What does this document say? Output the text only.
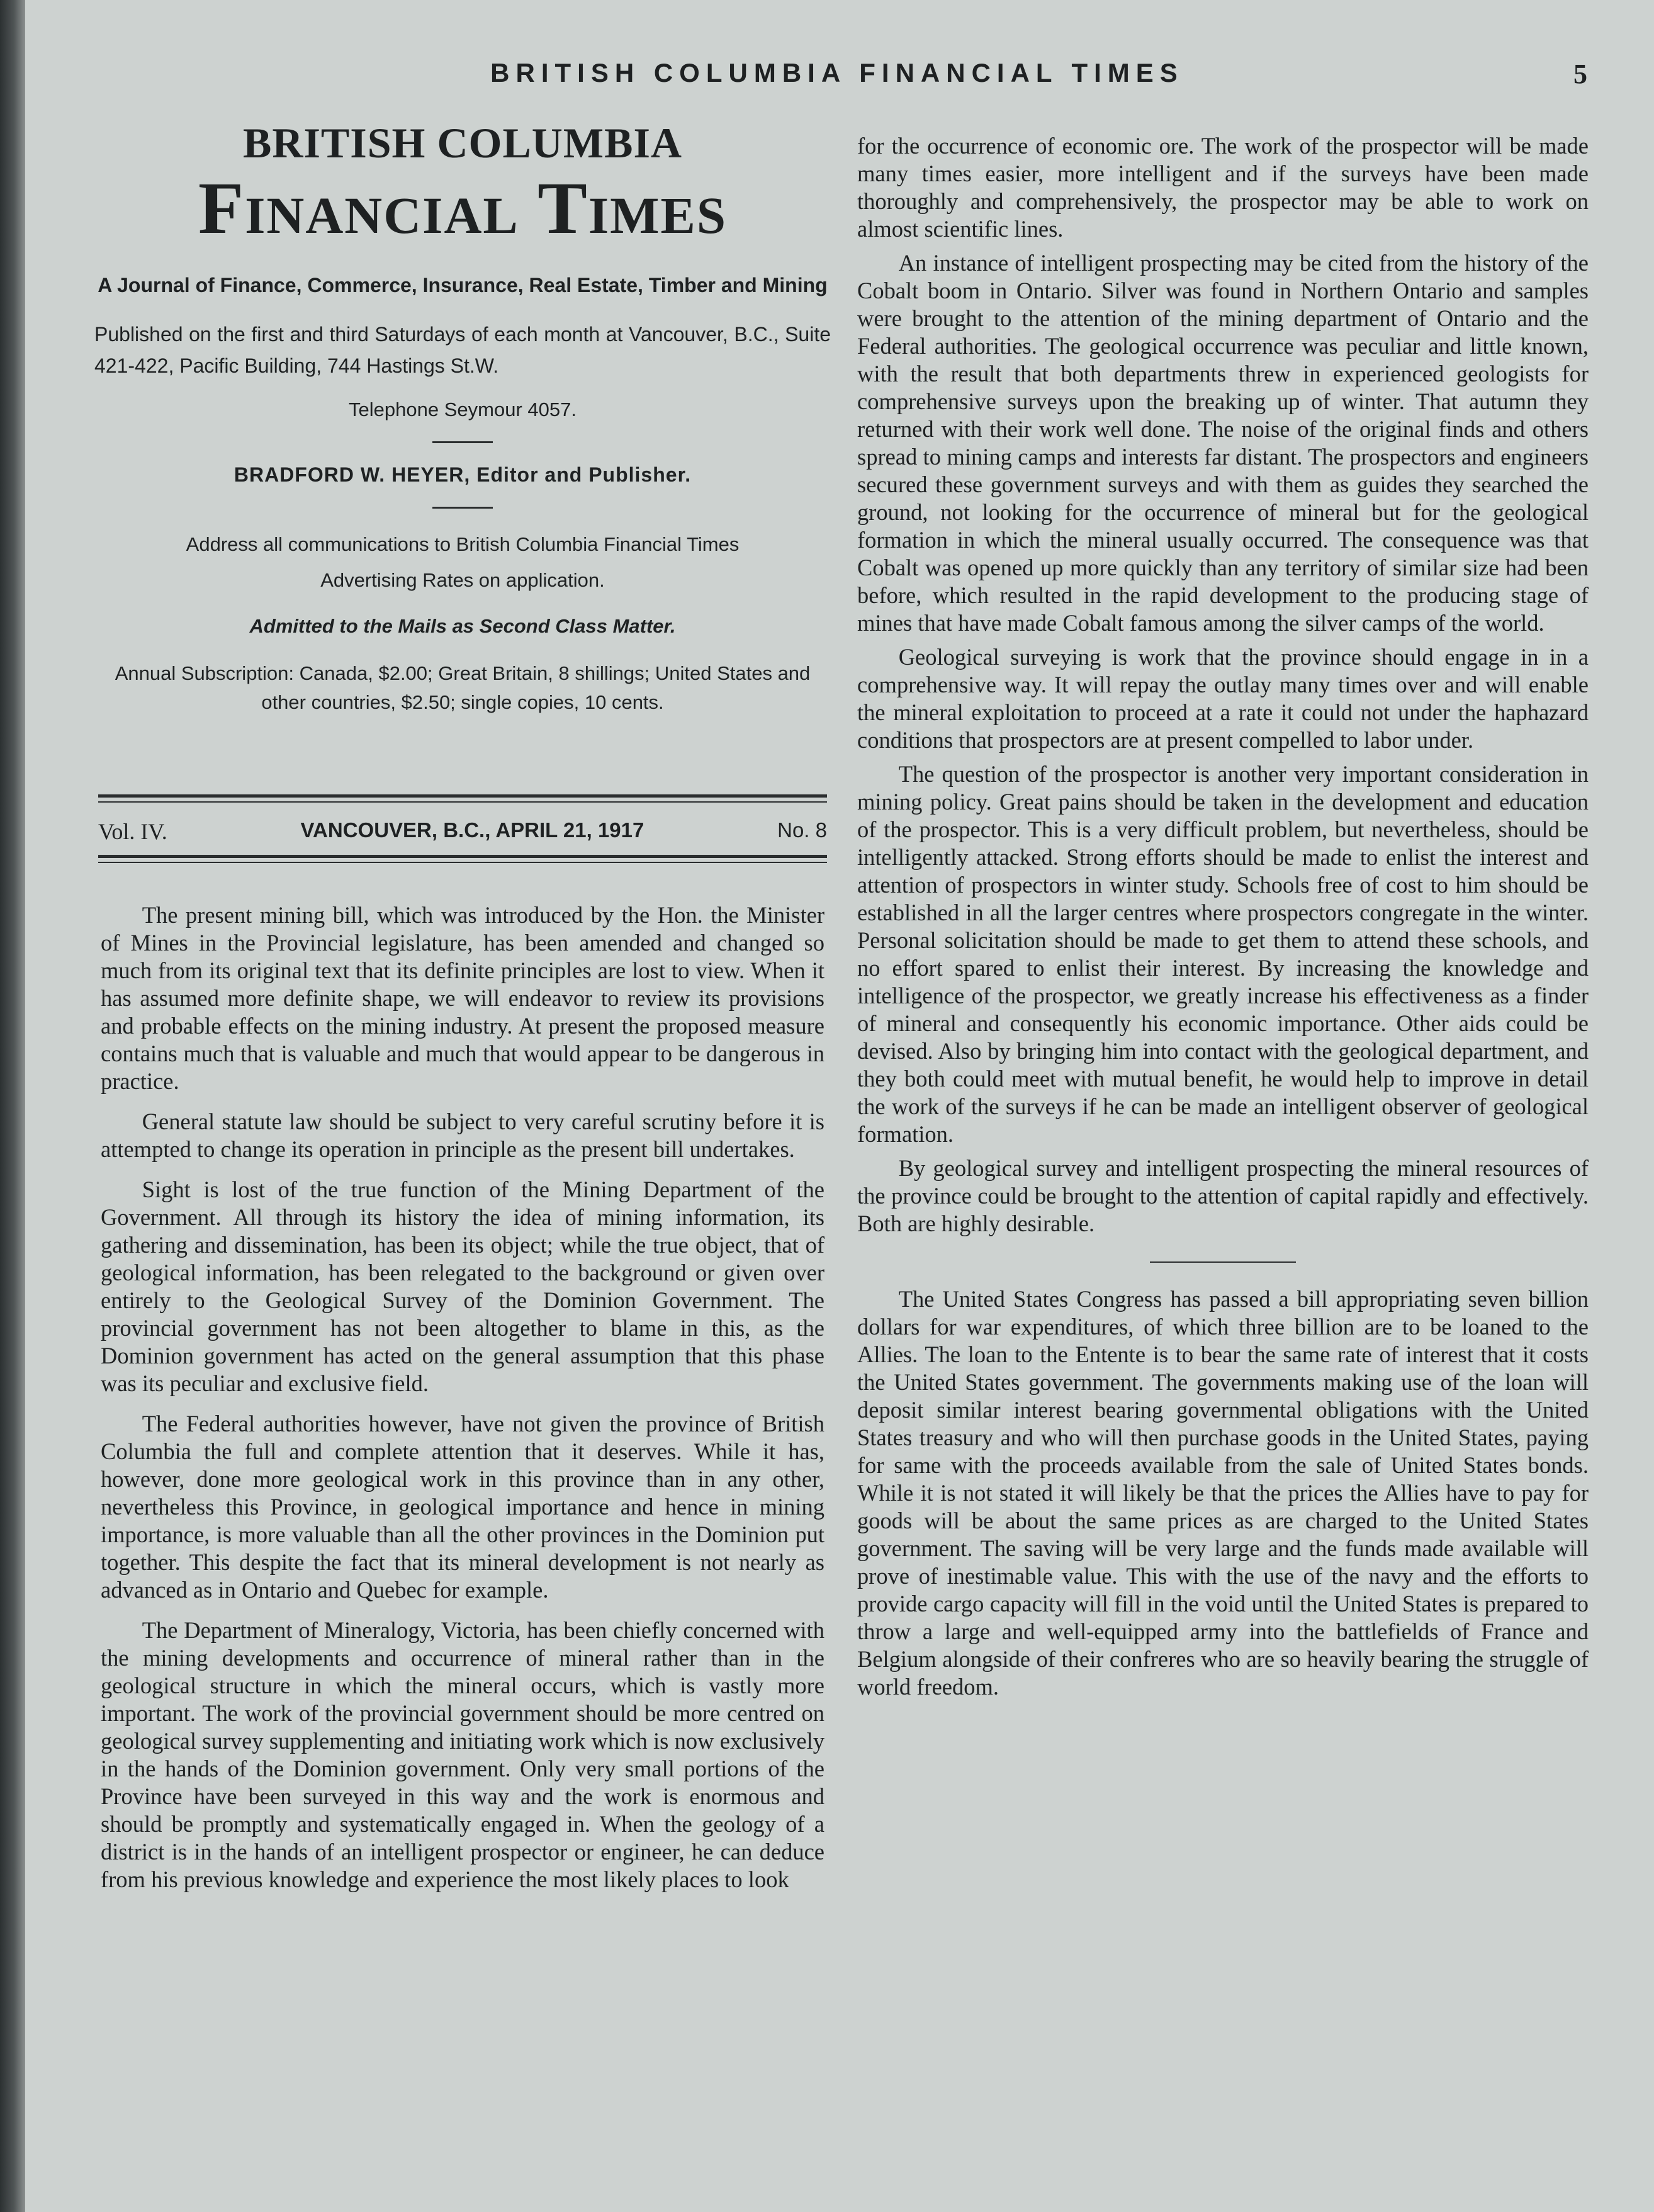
BRITISH COLUMBIA FINANCIAL TIMES	5
BRITISH COLUMBIA
Financial Times
A Journal of Finance, Commerce, Insurance, Real Estate, Timber and Mining
Published on the first and third Saturdays of each month at Vancouver, B.C., Suite 421-422, Pacific Building, 744 Hastings St.W.
Telephone Seymour 4057.
BRADFORD W. HEYER, Editor and Publisher.
Address all communications to British Columbia Financial Times
Advertising Rates on application.
Admitted to the Mails as Second Class Matter.
Annual Subscription: Canada, $2.00; Great Britain, 8 shillings; United States and other countries, $2.50; single copies, 10 cents.
Vol. IV.	VANCOUVER, B.C., APRIL 21, 1917	No. 8

The present mining bill, which was introduced by the Hon. the Minister of Mines in the Provincial legislature, has been amended and changed so much from its original text that its definite principles are lost to view. When it has assumed more definite shape, we will endeavor to review its provisions and probable effects on the mining industry. At present the proposed measure contains much that is valuable and much that would appear to be dangerous in practice.

General statute law should be subject to very careful scrutiny before it is attempted to change its operation in principle as the present bill undertakes.

Sight is lost of the true function of the Mining Department of the Government. All through its history the idea of mining information, its gathering and dissemination, has been its object; while the true object, that of geological information, has been relegated to the background or given over entirely to the Geological Survey of the Dominion Government. The provincial government has not been altogether to blame in this, as the Dominion government has acted on the general assumption that this phase was its peculiar and exclusive field.

The Federal authorities however, have not given the province of British Columbia the full and complete attention that it deserves. While it has, however, done more geological work in this province than in any other, nevertheless this Province, in geological importance and hence in mining importance, is more valuable than all the other provinces in the Dominion put together. This despite the fact that its mineral development is not nearly as advanced as in Ontario and Quebec for example.

The Department of Mineralogy, Victoria, has been chiefly concerned with the mining developments and occurrence of mineral rather than in the geological structure in which the mineral occurs, which is vastly more important. The work of the provincial government should be more centred on geological survey supplementing and initiating work which is now exclusively in the hands of the Dominion government. Only very small portions of the Province have been surveyed in this way and the work is enormous and should be promptly and systematically engaged in. When the geology of a district is in the hands of an intelligent prospector or engineer, he can deduce from his previous knowledge and experience the most likely places to look

for the occurrence of economic ore. The work of the prospector will be made many times easier, more intelligent and if the surveys have been made thoroughly and comprehensively, the prospector may be able to work on almost scientific lines.

An instance of intelligent prospecting may be cited from the history of the Cobalt boom in Ontario. Silver was found in Northern Ontario and samples were brought to the attention of the mining department of Ontario and the Federal authorities. The geological occurrence was peculiar and little known, with the result that both departments threw in experienced geologists for comprehensive surveys upon the breaking up of winter. That autumn they returned with their work well done. The noise of the original finds and others spread to mining camps and interests far distant. The prospectors and engineers secured these government surveys and with them as guides they searched the ground, not looking for the occurrence of mineral but for the geological formation in which the mineral usually occurred. The consequence was that Cobalt was opened up more quickly than any territory of similar size had been before, which resulted in the rapid development to the producing stage of mines that have made Cobalt famous among the silver camps of the world.

Geological surveying is work that the province should engage in in a comprehensive way. It will repay the outlay many times over and will enable the mineral exploitation to proceed at a rate it could not under the haphazard conditions that prospectors are at present compelled to labor under.

The question of the prospector is another very important consideration in mining policy. Great pains should be taken in the development and education of the prospector. This is a very difficult problem, but nevertheless, should be intelligently attacked. Strong efforts should be made to enlist the interest and attention of prospectors in winter study. Schools free of cost to him should be established in all the larger centres where prospectors congregate in the winter. Personal solicitation should be made to get them to attend these schools, and no effort spared to enlist their interest. By increasing the knowledge and intelligence of the prospector, we greatly increase his effectiveness as a finder of mineral and consequently his economic importance. Other aids could be devised. Also by bringing him into contact with the geological department, and they both could meet with mutual benefit, he would help to improve in detail the work of the surveys if he can be made an intelligent observer of geological formation.

By geological survey and intelligent prospecting the mineral resources of the province could be brought to the attention of capital rapidly and effectively. Both are highly desirable.

The United States Congress has passed a bill appropriating seven billion dollars for war expenditures, of which three billion are to be loaned to the Allies. The loan to the Entente is to bear the same rate of interest that it costs the United States government. The governments making use of the loan will deposit similar interest bearing governmental obligations with the United States treasury and who will then purchase goods in the United States, paying for same with the proceeds available from the sale of United States bonds. While it is not stated it will likely be that the prices the Allies have to pay for goods will be about the same prices as are charged to the United States government. The saving will be very large and the funds made available will prove of inestimable value. This with the use of the navy and the efforts to provide cargo capacity will fill in the void until the United States is prepared to throw a large and well-equipped army into the battlefields of France and Belgium alongside of their confreres who are so heavily bearing the struggle of world freedom.
